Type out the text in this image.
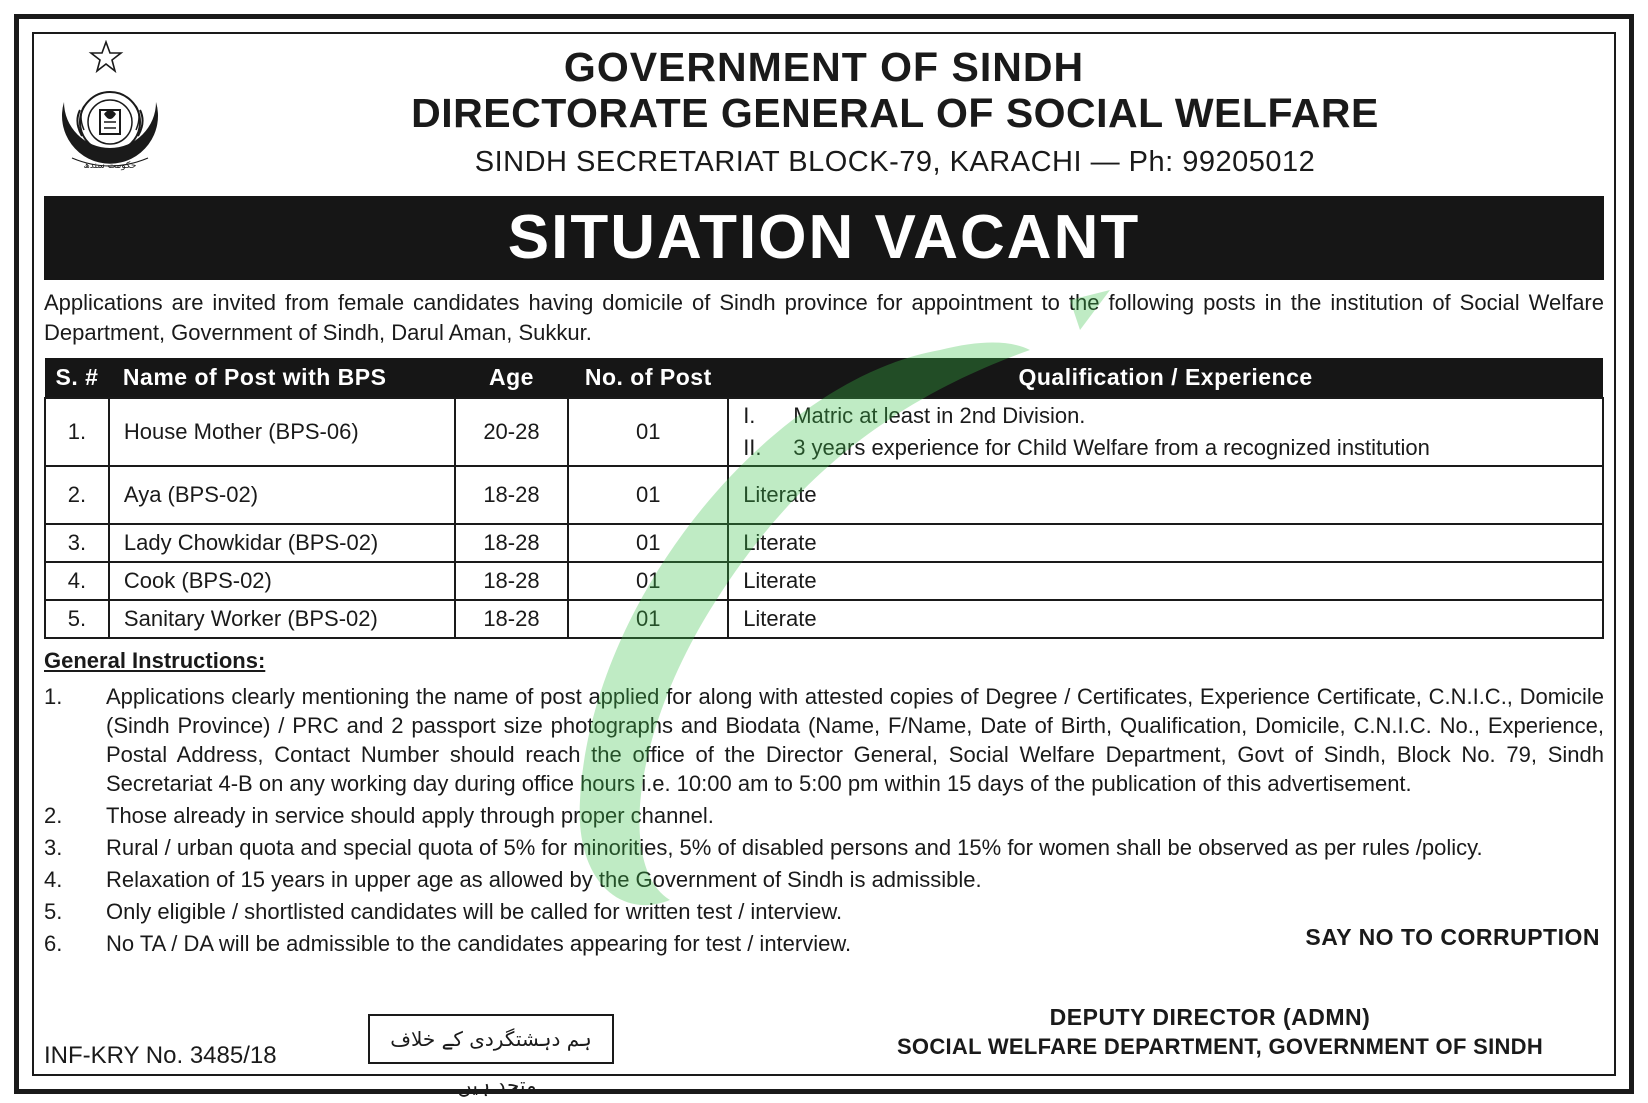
حکومت سندھ
GOVERNMENT OF SINDH
DIRECTORATE GENERAL OF SOCIAL WELFARE
SINDH SECRETARIAT BLOCK-79, KARACHI — Ph: 99205012
SITUATION VACANT
Applications are invited from female candidates having domicile of Sindh province for appointment to the following posts in the institution of Social Welfare Department, Government of Sindh, Darul Aman, Sukkur.
S. #	Name of Post with BPS	Age	No. of Post	Qualification / Experience
1.	House Mother (BPS-06)	20-28	01	I. Matric at least in 2nd Division.
II. 3 years experience for Child Welfare from a recognized institution

2.	Aya (BPS-02)	18-28	01	Literate
3.	Lady Chowkidar (BPS-02)	18-28	01	Literate
4.	Cook (BPS-02)	18-28	01	Literate
5.	Sanitary Worker (BPS-02)	18-28	01	Literate
General Instructions:
1.	Applications clearly mentioning the name of post applied for along with attested copies of Degree / Certificates, Experience Certificate, C.N.I.C., Domicile (Sindh Province) / PRC and 2 passport size photographs and Biodata (Name, F/Name, Date of Birth, Qualification, Domicile, C.N.I.C. No., Experience, Postal Address, Contact Number should reach the office of the Director General, Social Welfare Department, Govt of Sindh, Block No. 79, Sindh Secretariat 4-B on any working day during office hours i.e. 10:00 am to 5:00 pm within 15 days of the publication of this advertisement.
2.	Those already in service should apply through proper channel.
3.	Rural / urban quota and special quota of 5% for minorities, 5% of disabled persons and 15% for women shall be observed as per rules /policy.
4.	Relaxation of 15 years in upper age as allowed by the Government of Sindh is admissible.
5.	Only eligible / shortlisted candidates will be called for written test / interview.
6.	No TA / DA will be admissible to the candidates appearing for test / interview.	SAY NO TO CORRUPTION
ہم دہشتگردی کے خلاف متحد ہیں۔
INF-KRY No. 3485/18
DEPUTY DIRECTOR (ADMN)
SOCIAL WELFARE DEPARTMENT, GOVERNMENT OF SINDH
